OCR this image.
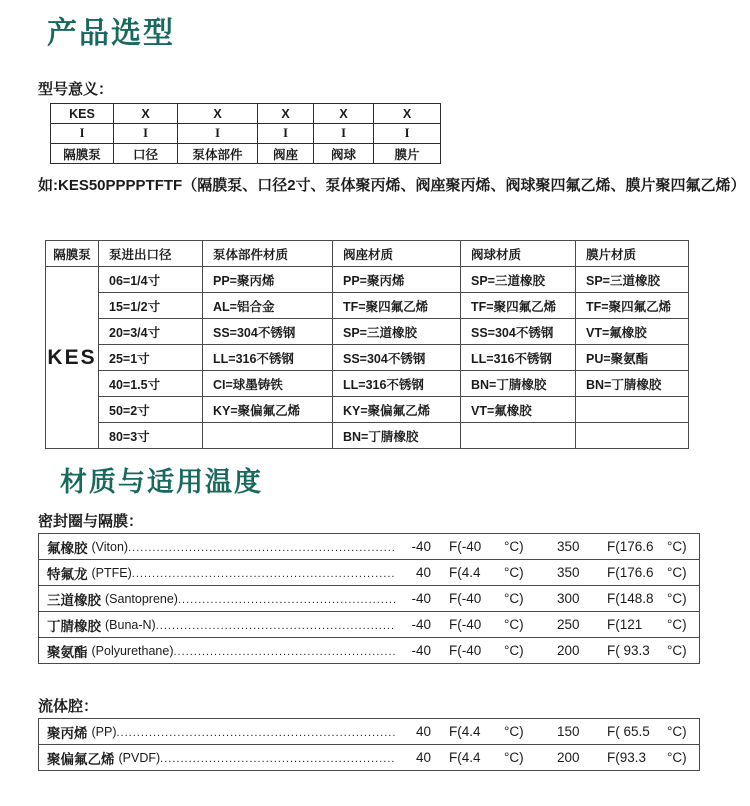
产品选型
型号意义：
KES	X	X	X	X	X
I	I	I	I	I	I
隔膜泵	口径	泵体部件	阀座	阀球	膜片
如:KES50PPPPTFTF（隔膜泵、口径2寸、泵体聚丙烯、阀座聚丙烯、阀球聚四氟乙烯、膜片聚四氟乙烯）
隔膜泵	泵进出口径	泵体部件材质	阀座材质	阀球材质	膜片材质
KES	06=1/4寸	PP=聚丙烯	PP=聚丙烯	SP=三道橡胶	SP=三道橡胶
	15=1/2寸	AL=铝合金	TF=聚四氟乙烯	TF=聚四氟乙烯	TF=聚四氟乙烯
	20=3/4寸	SS=304不锈钢	SP=三道橡胶	SS=304不锈钢	VT=氟橡胶
	25=1寸	LL=316不锈钢	SS=304不锈钢	LL=316不锈钢	PU=聚氨酯
	40=1.5寸	CI=球墨铸铁	LL=316不锈钢	BN=丁腈橡胶	BN=丁腈橡胶
	50=2寸	KY=聚偏氟乙烯	KY=聚偏氟乙烯	VT=氟橡胶	
	80=3寸		BN=丁腈橡胶		
材质与适用温度
密封圈与隔膜：
氟橡胶 (Viton) .....	-40 F(-40	°C)	350	F(176.6 °C)
特氟龙 (PTFE) .....	40 F(4.4	°C)	350	F(176.6 °C)
三道橡胶 (Santoprene) .....	-40 F(-40	°C)	300	F(148.8 °C)
丁腈橡胶 (Buna-N) .....	-40 F(-40	°C)	250	F(121	°C)
聚氨酯 (Polyurethane) .....	-40 F(-40	°C)	200	F( 93.3	°C)
流体腔：
聚丙烯 (PP) .....	40 F(4.4	°C)	150	F( 65.5	°C)
聚偏氟乙烯 (PVDF) .....	40 F(4.4	°C)	200	F(93.3	°C)
